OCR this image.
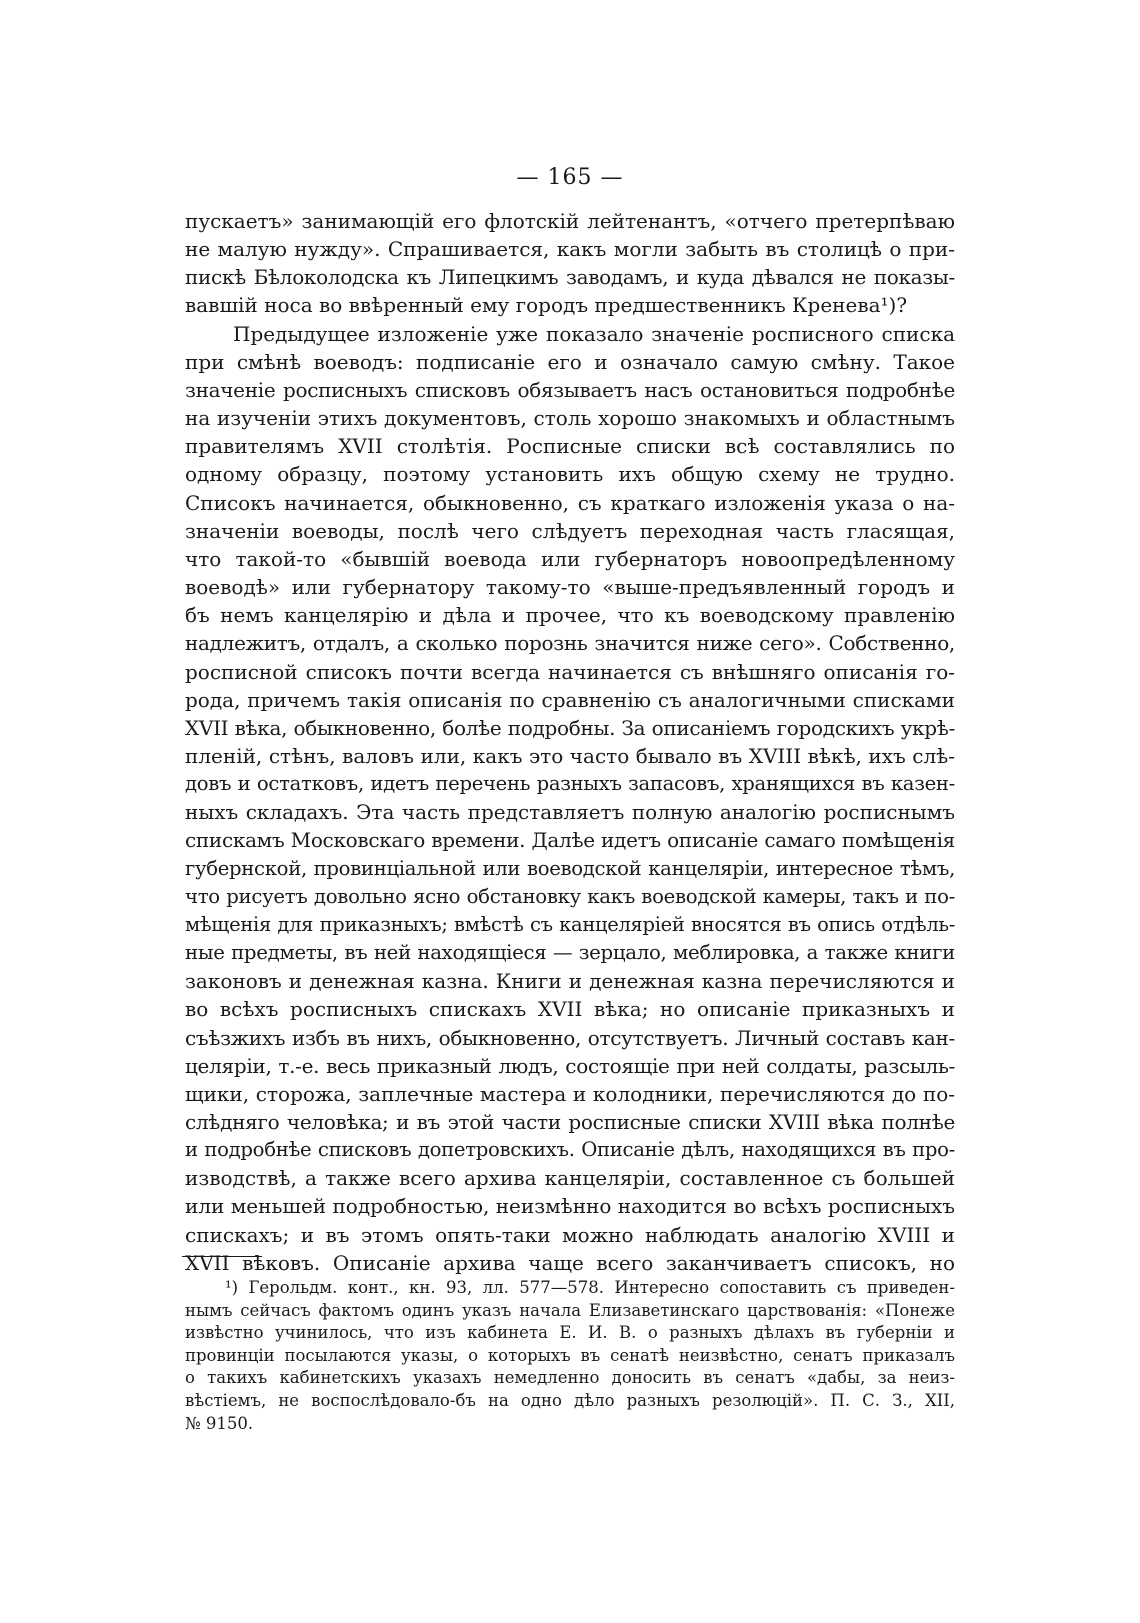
— 165 —
пускаетъ» занимающій его флотскій лейтенантъ, «отчего претерпѣваю
не малую нужду». Спрашивается, какъ могли забыть въ столицѣ о при-
пискѣ Бѣлоколодска къ Липецкимъ заводамъ, и куда дѣвался не показы-
вавшій носа во ввѣренный ему городъ предшественникъ Кренева¹)?
Предыдущее изложеніе уже показало значеніе росписного списка
при смѣнѣ воеводъ: подписаніе его и означало самую смѣну. Такое
значеніе росписныхъ списковъ обязываетъ насъ остановиться подробнѣе
на изученіи этихъ документовъ, столь хорошо знакомыхъ и областнымъ
правителямъ XVII столѣтія. Росписные списки всѣ составлялись по
одному образцу, поэтому установить ихъ общую схему не трудно.
Списокъ начинается, обыкновенно, съ краткаго изложенія указа о на-
значеніи воеводы, послѣ чего слѣдуетъ переходная часть гласящая,
что такой-то «бывшій воевода или губернаторъ новоопредѣленному
воеводѣ» или губернатору такому-то «выше-предъявленный городъ и
бъ немъ канцелярію и дѣла и прочее, что къ воеводскому правленію
надлежитъ, отдалъ, а сколько порознь значится ниже сего». Собственно,
росписной списокъ почти всегда начинается съ внѣшняго описанія го-
рода, причемъ такія описанія по сравненію съ аналогичными списками
XVII вѣка, обыкновенно, болѣе подробны. За описаніемъ городскихъ укрѣ-
пленій, стѣнъ, валовъ или, какъ это часто бывало въ XVIII вѣкѣ, ихъ слѣ-
довъ и остатковъ, идетъ перечень разныхъ запасовъ, хранящихся въ казен-
ныхъ складахъ. Эта часть представляетъ полную аналогію росписнымъ
спискамъ Московскаго времени. Далѣе идетъ описаніе самаго помѣщенія
губернской, провинціальной или воеводской канцеляріи, интересное тѣмъ,
что рисуетъ довольно ясно обстановку какъ воеводской камеры, такъ и по-
мѣщенія для приказныхъ; вмѣстѣ съ канцеляріей вносятся въ опись отдѣль-
ные предметы, въ ней находящіеся — зерцало, меблировка, а также книги
законовъ и денежная казна. Книги и денежная казна перечисляются и
во всѣхъ росписныхъ спискахъ XVII вѣка; но описаніе приказныхъ и
съѣзжихъ избъ въ нихъ, обыкновенно, отсутствуетъ. Личный составъ кан-
целяріи, т.-е. весь приказный людъ, состоящіе при ней солдаты, разсыль-
щики, сторожа, заплечные мастера и колодники, перечисляются до по-
слѣдняго человѣка; и въ этой части росписные списки XVIII вѣка полнѣе
и подробнѣе списковъ допетровскихъ. Описаніе дѣлъ, находящихся въ про-
изводствѣ, а также всего архива канцеляріи, составленное съ большей
или меньшей подробностью, неизмѣнно находится во всѣхъ росписныхъ
спискахъ; и въ этомъ опять-таки можно наблюдать аналогію XVIII и
XVII вѣковъ. Описаніе архива чаще всего заканчиваетъ списокъ, но
¹) Герольдм. конт., кн. 93, лл. 577—578. Интересно сопоставить съ приведен-
нымъ сейчасъ фактомъ одинъ указъ начала Елизаветинскаго царствованія: «Понеже
извѣстно учинилось, что изъ кабинета Е. И. В. о разныхъ дѣлахъ въ губерніи и
провинціи посылаются указы, о которыхъ въ сенатѣ неизвѣстно, сенатъ приказалъ
о такихъ кабинетскихъ указахъ немедленно доносить въ сенатъ «дабы, за неиз-
вѣстіемъ, не воспослѣдовало-бъ на одно дѣло разныхъ резолюцій». П. С. З., XII,
№ 9150.
